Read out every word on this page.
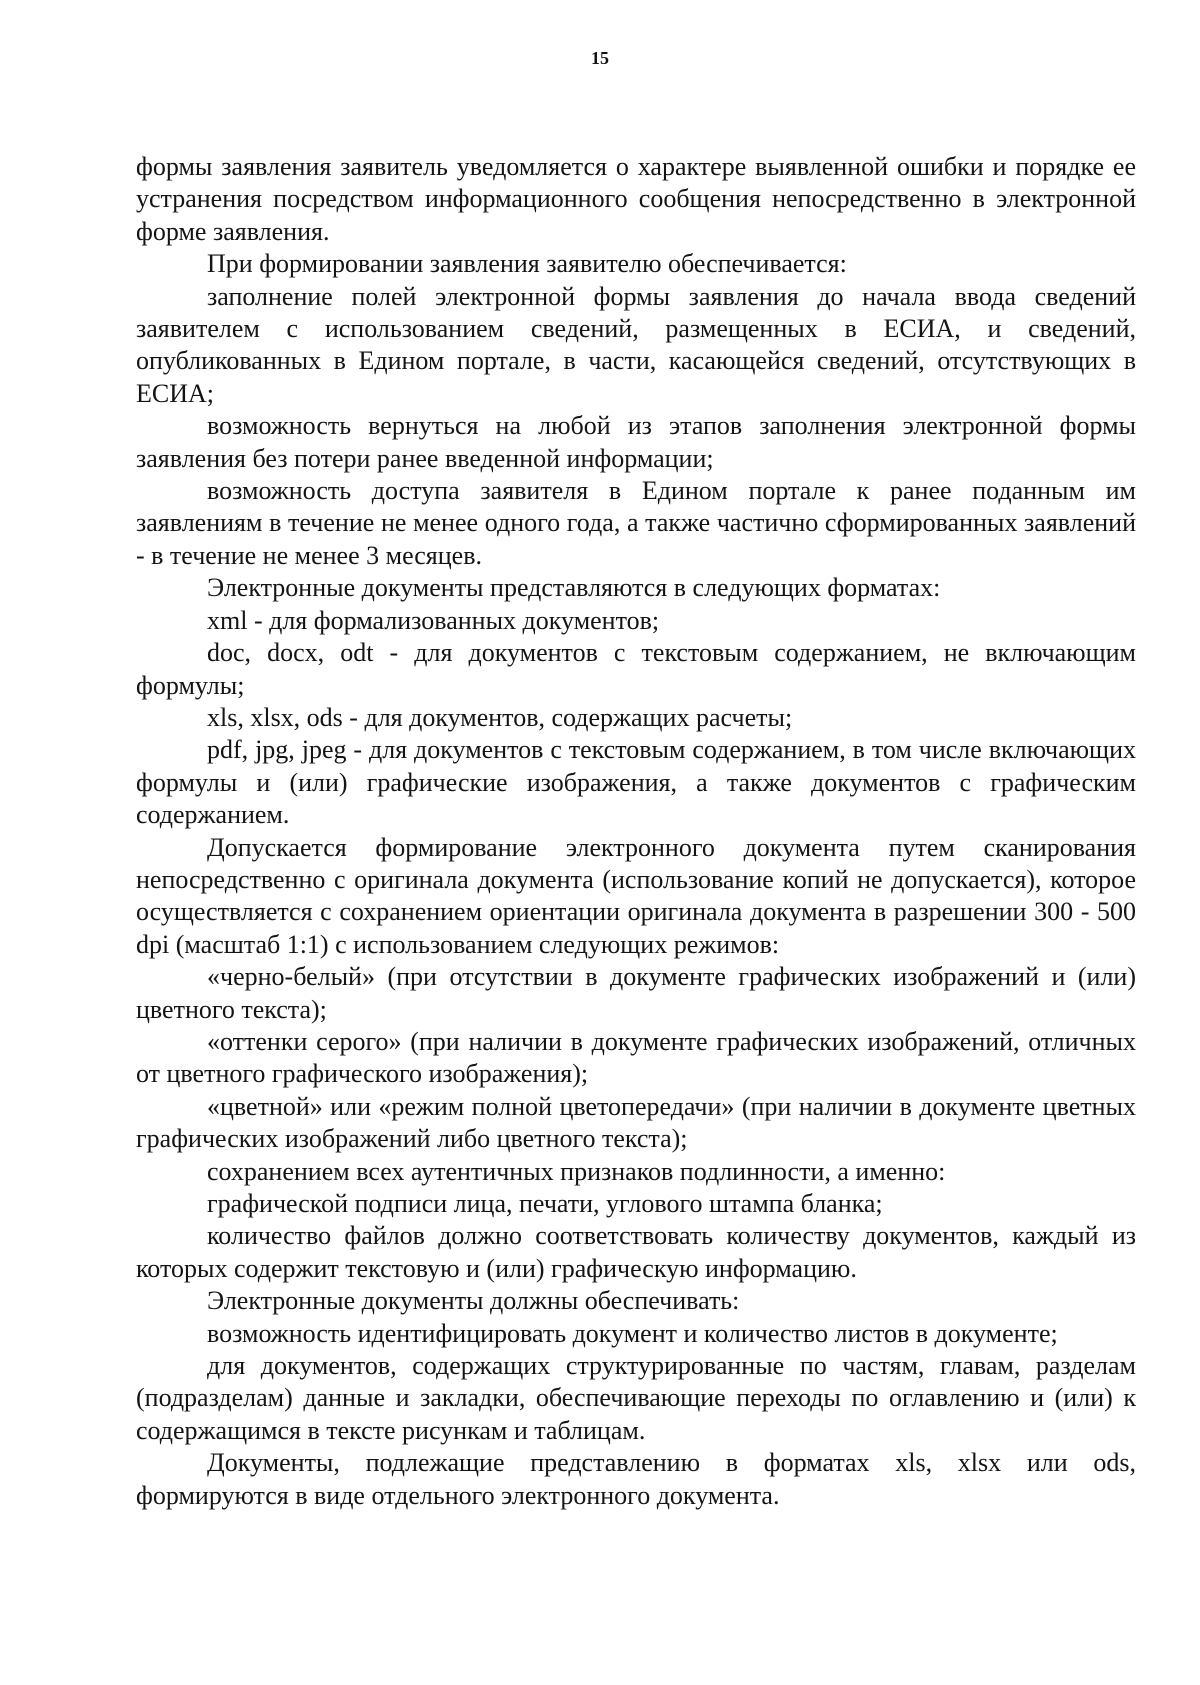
15

формы заявления заявитель уведомляется о характере выявленной ошибки и порядке ее устранения посредством информационного сообщения непосредственно в электронной форме заявления.

При формировании заявления заявителю обеспечивается:

заполнение полей электронной формы заявления до начала ввода сведений заявителем с использованием сведений, размещенных в ЕСИА, и сведений, опубликованных в Едином портале, в части, касающейся сведений, отсутствующих в ЕСИА;

возможность вернуться на любой из этапов заполнения электронной формы заявления без потери ранее введенной информации;

возможность доступа заявителя в Едином портале к ранее поданным им заявлениям в течение не менее одного года, а также частично сформированных заявлений - в течение не менее 3 месяцев.

Электронные документы представляются в следующих форматах:

xml - для формализованных документов;

doc, docx, odt - для документов с текстовым содержанием, не включающим формулы;

xls, xlsx, ods - для документов, содержащих расчеты;

pdf, jpg, jpeg - для документов с текстовым содержанием, в том числе включающих формулы и (или) графические изображения, а также документов с графическим содержанием.

Допускается формирование электронного документа путем сканирования непосредственно с оригинала документа (использование копий не допускается), которое осуществляется с сохранением ориентации оригинала документа в разрешении 300 - 500 dpi (масштаб 1:1) с использованием следующих режимов:

«черно-белый» (при отсутствии в документе графических изображений и (или) цветного текста);

«оттенки серого» (при наличии в документе графических изображений, отличных от цветного графического изображения);

«цветной» или «режим полной цветопередачи» (при наличии в документе цветных графических изображений либо цветного текста);

сохранением всех аутентичных признаков подлинности, а именно:

графической подписи лица, печати, углового штампа бланка;

количество файлов должно соответствовать количеству документов, каждый из которых содержит текстовую и (или) графическую информацию.

Электронные документы должны обеспечивать:

возможность идентифицировать документ и количество листов в документе;

для документов, содержащих структурированные по частям, главам, разделам (подразделам) данные и закладки, обеспечивающие переходы по оглавлению и (или) к содержащимся в тексте рисункам и таблицам.

Документы, подлежащие представлению в форматах xls, xlsx или ods, формируются в виде отдельного электронного документа.
